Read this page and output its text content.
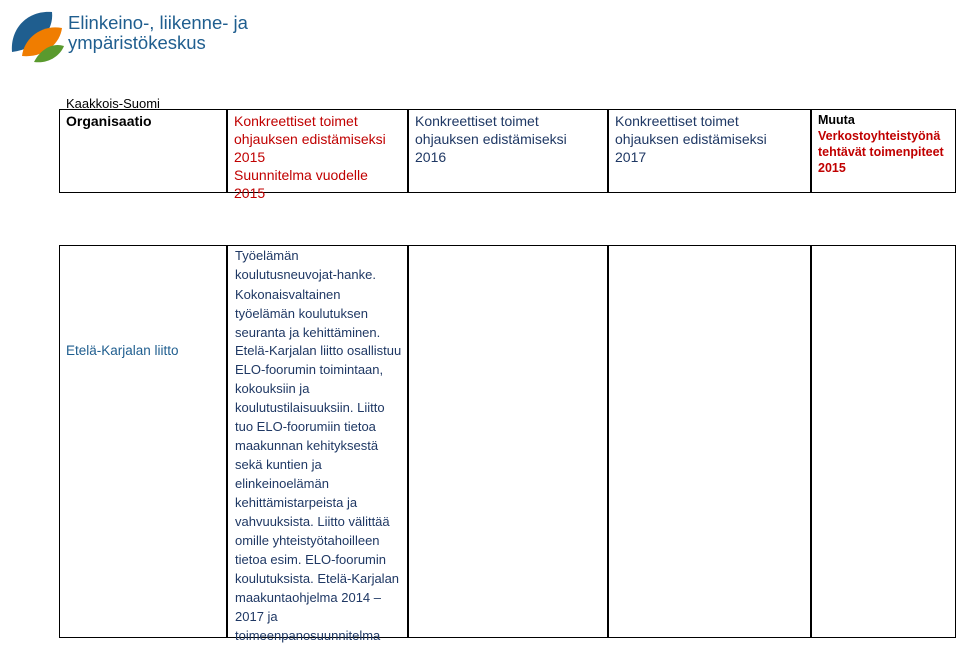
Elinkeino-, liikenne- ja
ympäristökeskus
Kaakkois-Suomi
Organisaatio	Konkreettiset toimet
ohjauksen edistämiseksi
2015
Suunnitelma vuodelle
2015
Konkreettiset toimet
ohjauksen edistämiseksi
2016
Konkreettiset toimet
ohjauksen edistämiseksi
2017
Muuta
Verkostoyhteistyönä
tehtävät toimenpiteet
2015
Etelä-Karjalan liitto

Työelämän koulutusneuvojat-hanke.

Kokonaisvaltainen työelämän koulutuksen seuranta ja kehittäminen.

Etelä-Karjalan liitto osallistuu ELO-foorumin toimintaan, kokouksiin ja koulutustilaisuuksiin. Liitto tuo ELO-foorumiin tietoa maakunnan kehityksestä sekä kuntien ja elinkeinoelämän kehittämistarpeista ja vahvuuksista. Liitto välittää omille yhteistyötahoilleen tietoa esim. ELO-foorumin koulutuksista. Etelä-Karjalan maakuntaohjelma 2014 – 2017 ja toimeenpanosuunnitelma
